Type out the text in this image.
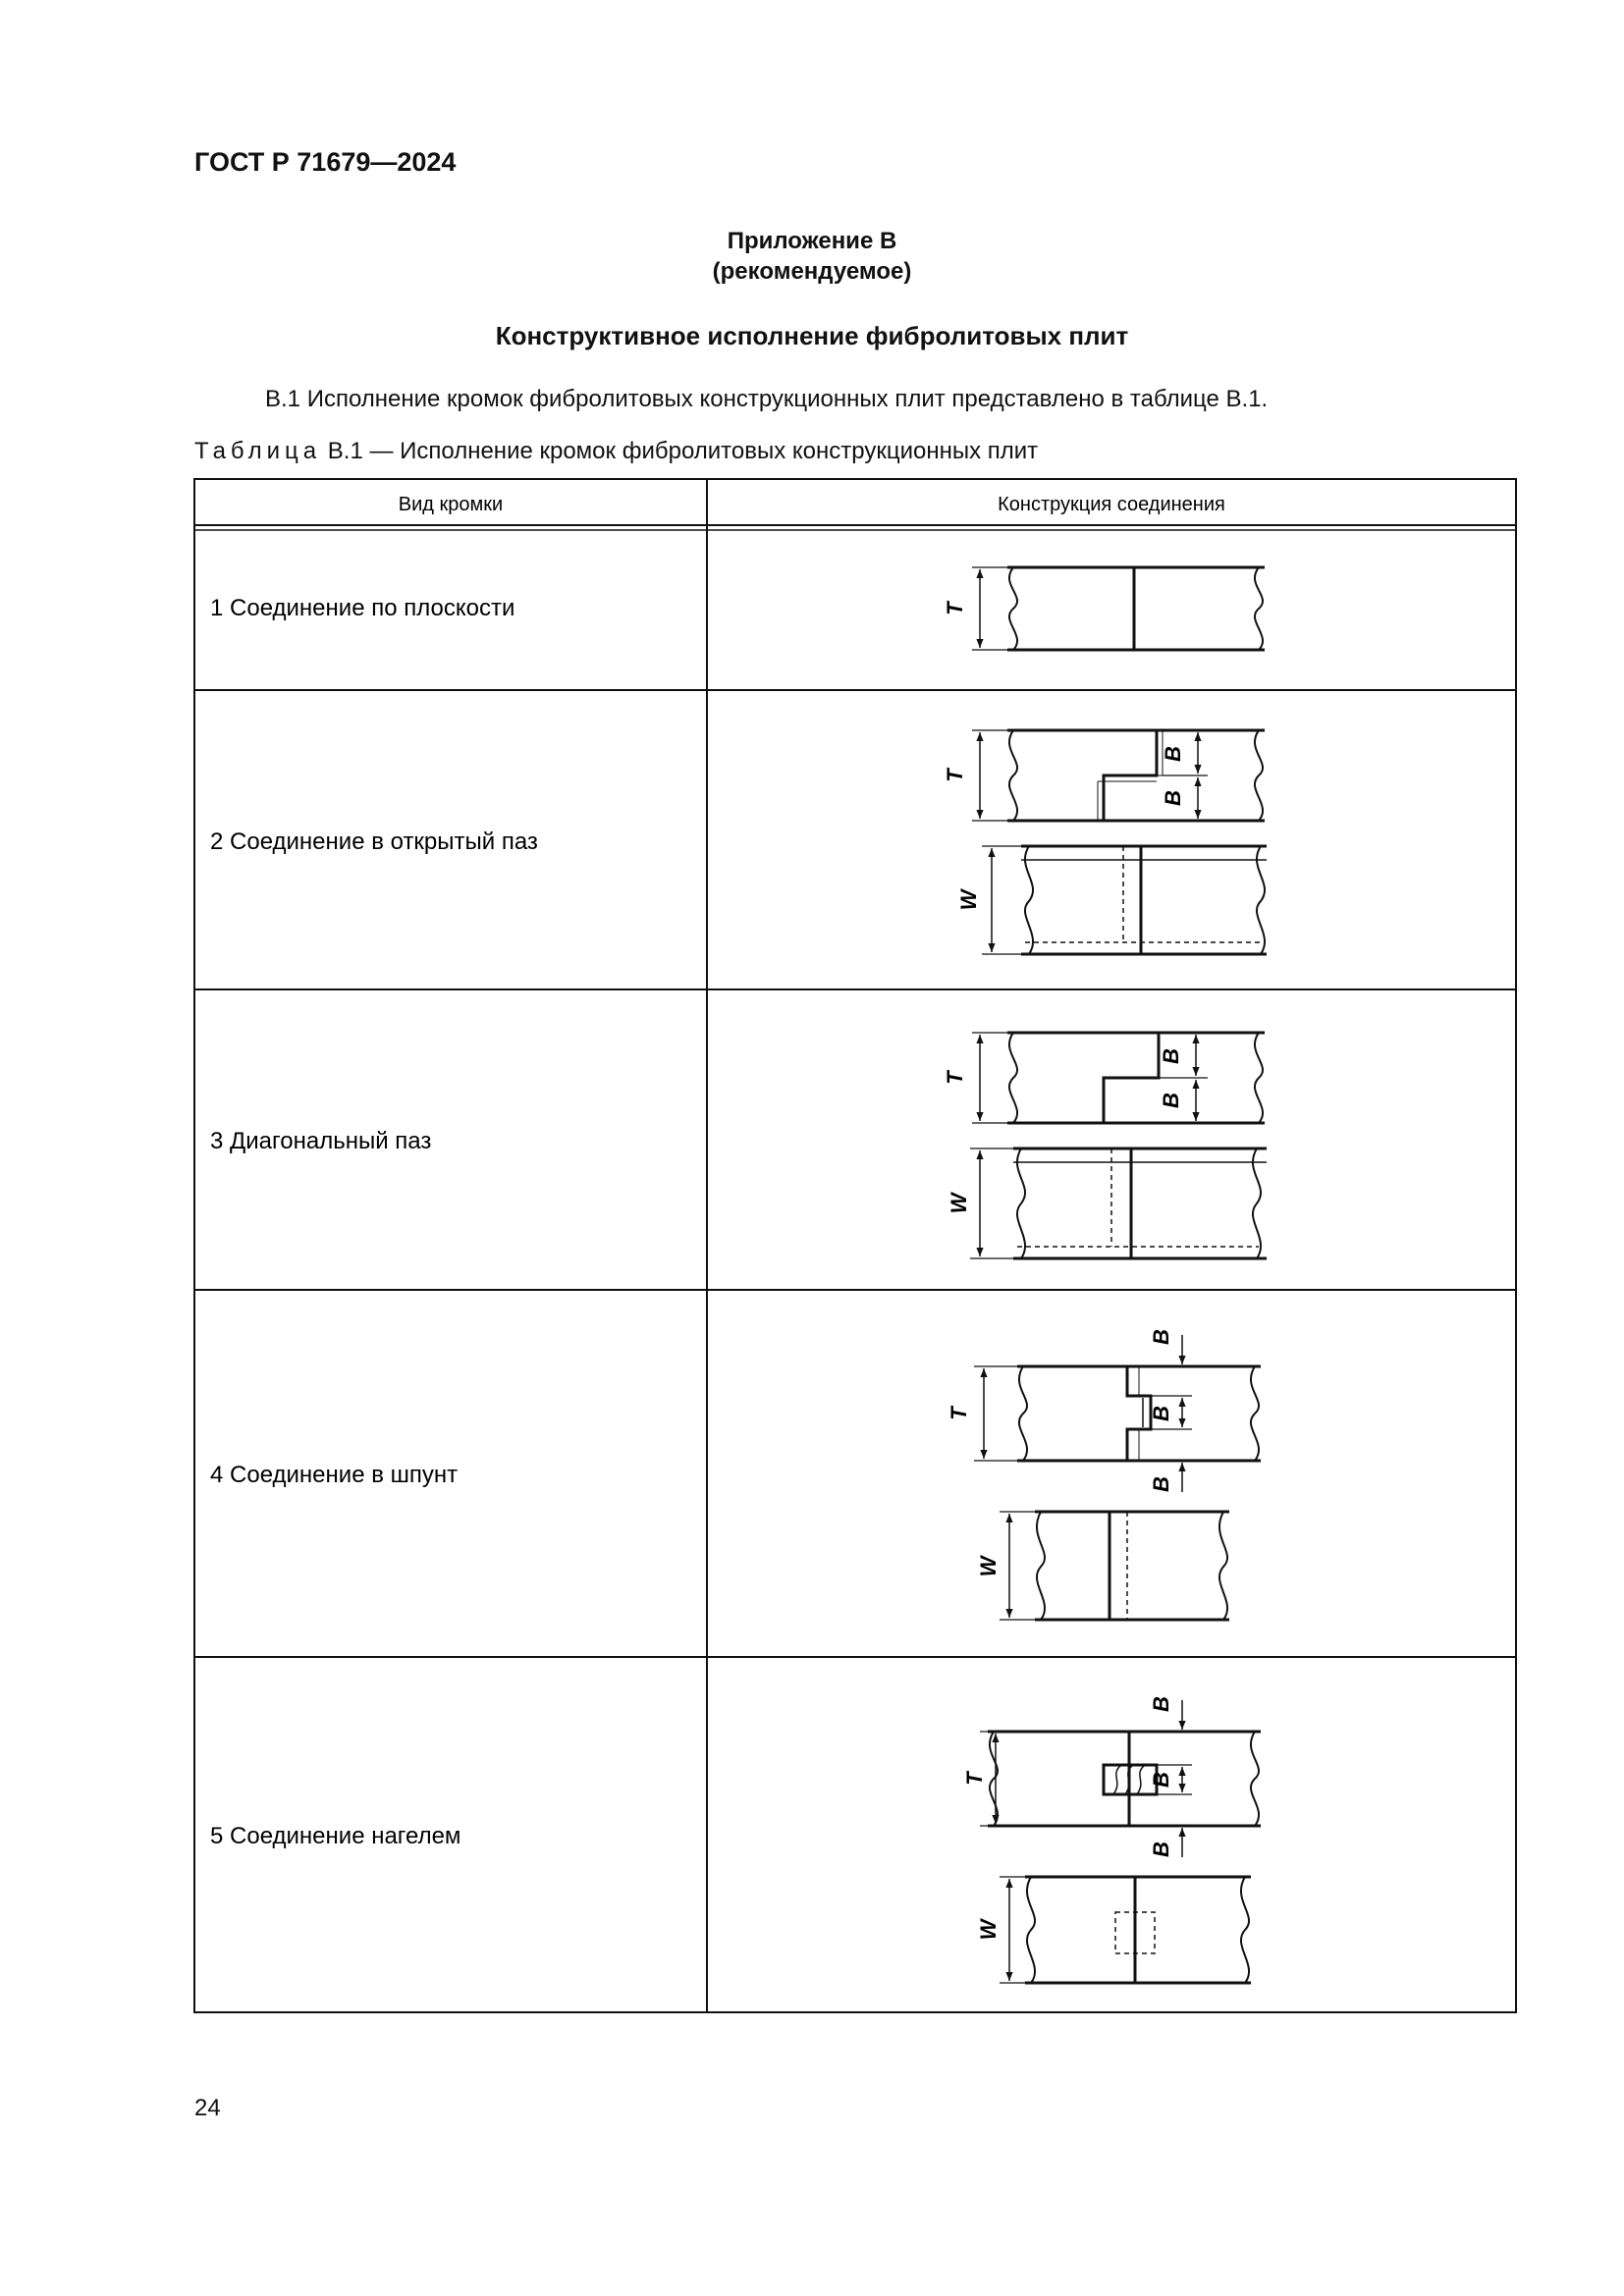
ГОСТ Р 71679—2024
Приложение В
(рекомендуемое)
Конструктивное исполнение фибролитовых плит
В.1 Исполнение кромок фибролитовых конструкционных плит представлено в таблице В.1.
Таблица В.1 — Исполнение кромок фибролитовых конструкционных плит
Вид кромки	Конструкция соединения
1 Соединение по плоскости
2 Соединение в открытый паз
3 Диагональный паз
4 Соединение в шпунт
5 Соединение нагелем
T
T
B
B
W
T
B
B
W
T
B
B
B
W
T
B
B
B
W
24
